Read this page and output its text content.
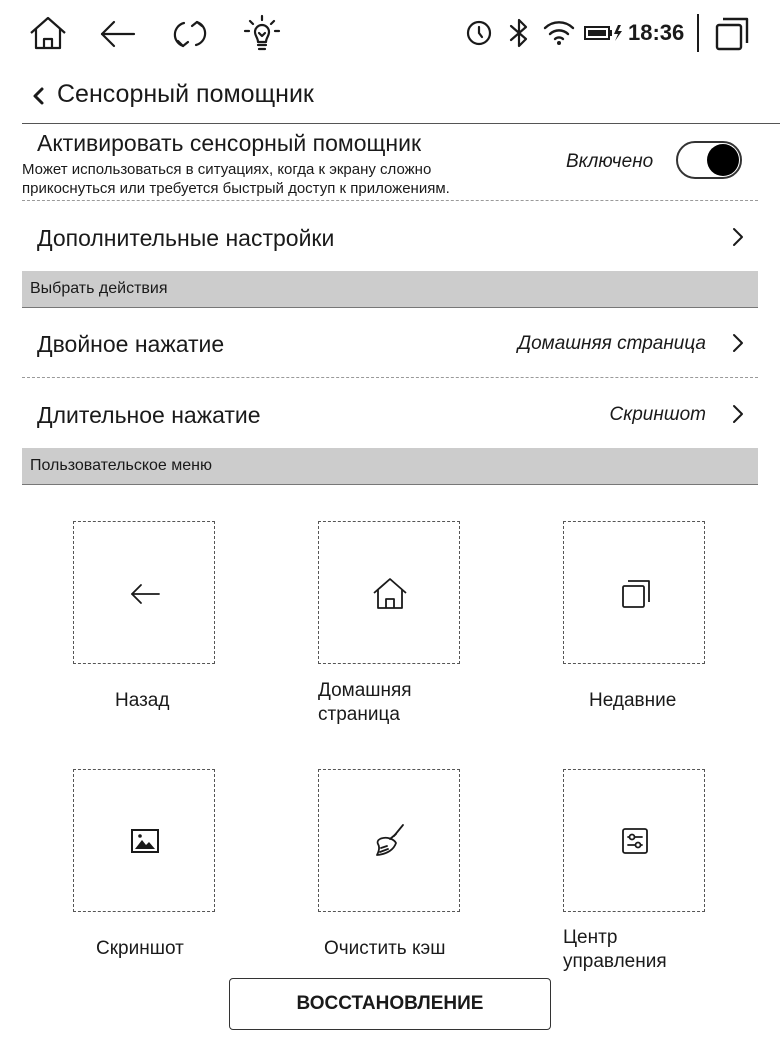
18:36
Сенсорный помощник
Активировать сенсорный помощник
Может использоваться в ситуациях, когда к экрану сложно
прикоснуться или требуется быстрый доступ к приложениям.
Включено
Дополнительные настройки
Выбрать действия
Двойное нажатие	Домашняя страница
Длительное нажатие	Скриншот
Пользовательское меню
Назад	Домашняя
страница
Недавние
Скриншот	Очистить кэш
Центр
управления
ВОССТАНОВЛЕНИЕ
